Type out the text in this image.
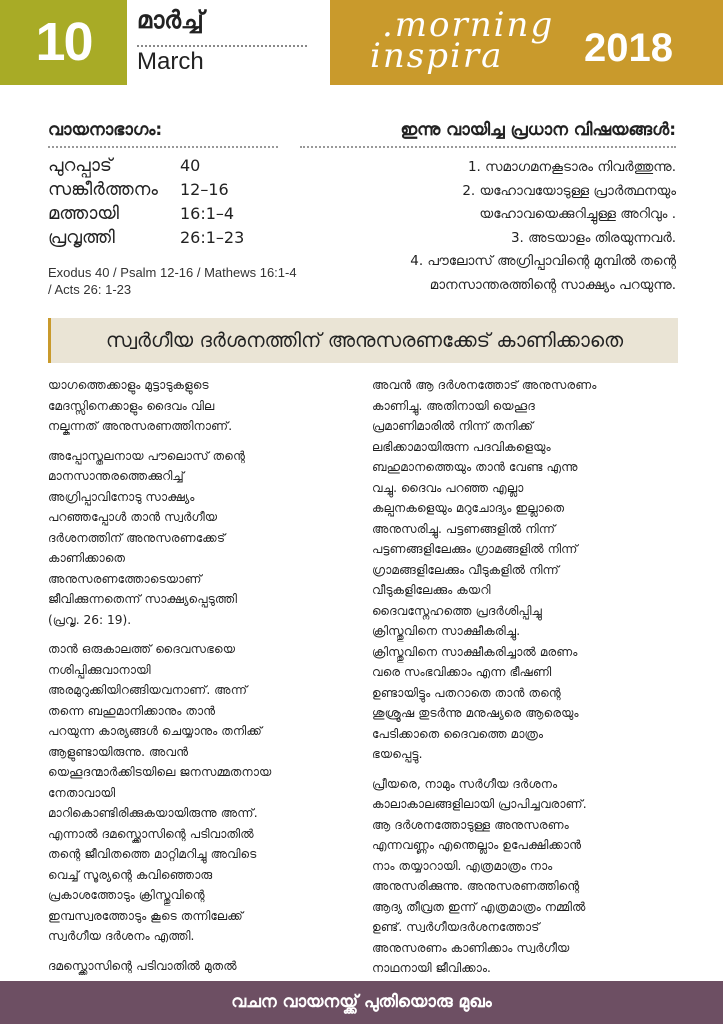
10	മാർച്ച്
March
.morning
inspira 2018
വായനാഭാഗം:
പുറപ്പാട്	40
സങ്കീർത്തനം	12–16
മത്തായി	16:1–4
പ്രവൃത്തി	26:1–23
Exodus 40 / Psalm 12-16 / Mathews 16:1-4 / Acts 26: 1-23
ഇന്നു വായിച്ച പ്രധാന വിഷയങ്ങൾ:
1. സമാഗമനകൂടാരം നിവർത്തുന്നു.
2. യഹോവയോടുള്ള പ്രാർത്ഥനയും
യഹോവയെക്കുറിച്ചുള്ള അറിവും .
3. അടയാളം തിരയുന്നവർ.
4. പൗലോസ് അഗ്രിപ്പാവിന്റെ മുമ്പിൽ തന്റെ
മാനസാന്തരത്തിന്റെ സാക്ഷ്യം പറയുന്നു.
സ്വർഗീയ ദർശനത്തിന് അനുസരണക്കേട് കാണിക്കാതെ
യാഗത്തെക്കാളും മുട്ടാടുകളുടെ
മേദസ്സിനെക്കാളും ദൈവം വില
നല്കുന്നത് അനുസരണത്തിനാണ്.
അപ്പോസ്തലനായ പൗലൊസ് തന്റെ
മാനസാന്തരത്തെക്കുറിച്ച്
അഗ്രിപ്പാവിനോടു സാക്ഷ്യം
പറഞ്ഞപ്പോൾ താൻ സ്വർഗീയ
ദർശനത്തിന് അനുസരണക്കേട്
കാണിക്കാതെ
അനുസരണത്തോടെയാണ്
ജീവിക്കുന്നതെന്ന് സാക്ഷ്യപ്പെടുത്തി
(പ്രവൃ. 26: 19).
താൻ ഒരുകാലത്ത് ദൈവസഭയെ
നശിപ്പിക്കുവാനായി
അരമുറുക്കിയിറങ്ങിയവനാണ്. അന്ന്
തന്നെ ബഹുമാനിക്കാനും താൻ
പറയുന്ന കാര്യങ്ങൾ ചെയ്യാനും തനിക്ക്
ആളുണ്ടായിരുന്നു. അവൻ
യെഹൂദന്മാർക്കിടയിലെ ജനസമ്മതനായ
നേതാവായി
മാറികൊണ്ടിരിക്കുകയായിരുന്നു അന്ന്.
എന്നാൽ ദമസ്ക്കൊസിന്റെ പടിവാതിൽ
തന്റെ ജീവിതത്തെ മാറ്റിമറിച്ചു അവിടെ
വെച്ച് സൂര്യന്റെ കവിഞ്ഞൊരു
പ്രകാശത്തോടും ക്രിസ്തുവിന്റെ
ഇമ്പസ്വരത്തോടും കൂടെ തന്നിലേക്ക്
സ്വർഗീയ ദർശനം എത്തി.
ദമസ്ക്കൊസിന്റെ പടിവാതിൽ മുതൽ
അവൻ ആ ദർശനത്തോട് അനുസരണം
കാണിച്ചു. അതിനായി യെഹൂദ
പ്രമാണിമാരിൽ നിന്ന് തനിക്ക്
ലഭിക്കാമായിരുന്ന പദവികളെയും
ബഹുമാനത്തെയും താൻ വേണ്ട എന്നു
വച്ചു. ദൈവം പറഞ്ഞ എല്ലാ
കല്പനകളെയും മറുചോദ്യം ഇല്ലാതെ
അനുസരിച്ചു. പട്ടണങ്ങളിൽ നിന്ന്
പട്ടണങ്ങളിലേക്കും ഗ്രാമങ്ങളിൽ നിന്ന്
ഗ്രാമങ്ങളിലേക്കും വീടുകളിൽ നിന്ന്
വീടുകളിലേക്കും കയറി
ദൈവസ്നേഹത്തെ പ്രദർശിപ്പിച്ചു
ക്രിസ്തുവിനെ സാക്ഷീകരിച്ചു.
ക്രിസ്തുവിനെ സാക്ഷീകരിച്ചാൽ മരണം
വരെ സംഭവിക്കാം എന്ന ഭീഷണി
ഉണ്ടായിട്ടും പതറാതെ താൻ തന്റെ
ശുശ്രൂഷ തുടർന്നു മനുഷ്യരെ ആരെയും
പേടിക്കാതെ ദൈവത്തെ മാത്രം
ഭയപ്പെട്ടു.
പ്രീയരെ, നാമും സർഗീയ ദർശനം
കാലാകാലങ്ങളിലായി പ്രാപിച്ചവരാണ്.
ആ ദർശനത്തോടുള്ള അനുസരണം
എന്നവണ്ണം എന്തെല്ലാം ഉപേക്ഷിക്കാൻ
നാം തയ്യാറായി. എത്രമാത്രം നാം
അനുസരിക്കുന്നു. അനുസരണത്തിന്റെ
ആദ്യ തീവ്രത ഇന്ന് എത്രമാത്രം നമ്മിൽ
ഉണ്ട്. സ്വർഗീയദർശനത്തോട്
അനുസരണം കാണിക്കാം സ്വർഗീയ
നാഥനായി ജീവിക്കാം.
വചന വായനയ്ക്ക് പുതിയൊരു മുഖം
